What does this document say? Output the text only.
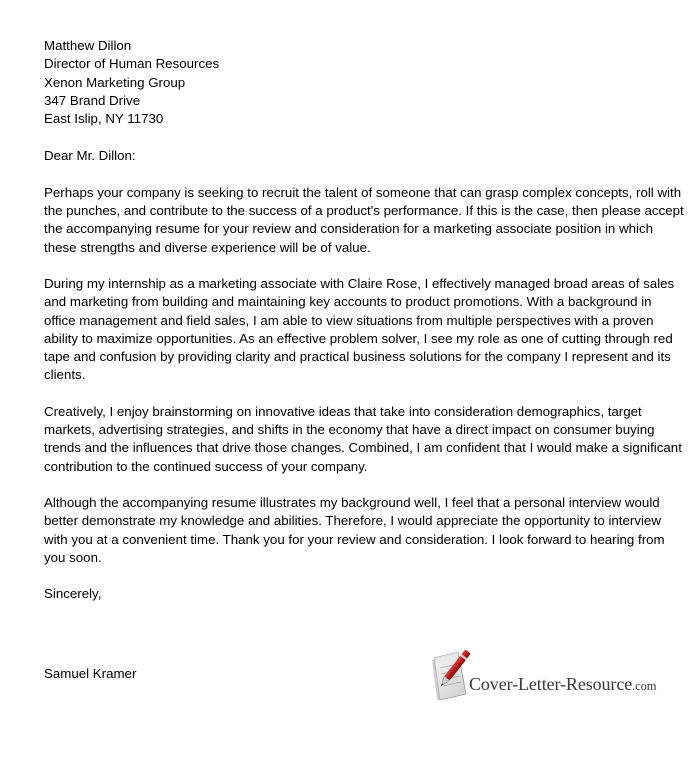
Matthew Dillon
Director of Human Resources
Xenon Marketing Group
347 Brand Drive
East Islip, NY 11730
Dear Mr. Dillon:
Perhaps your company is seeking to recruit the talent of someone that can grasp complex concepts, roll with the punches, and contribute to the success of a product's performance. If this is the case, then please accept the accompanying resume for your review and consideration for a marketing associate position in which these strengths and diverse experience will be of value.
During my internship as a marketing associate with Claire Rose, I effectively managed broad areas of sales and marketing from building and maintaining key accounts to product promotions. With a background in office management and field sales, I am able to view situations from multiple perspectives with a proven ability to maximize opportunities. As an effective problem solver, I see my role as one of cutting through red tape and confusion by providing clarity and practical business solutions for the company I represent and its clients.
Creatively, I enjoy brainstorming on innovative ideas that take into consideration demographics, target markets, advertising strategies, and shifts in the economy that have a direct impact on consumer buying trends and the influences that drive those changes. Combined, I am confident that I would make a significant contribution to the continued success of your company.
Although the accompanying resume illustrates my background well, I feel that a personal interview would better demonstrate my knowledge and abilities. Therefore, I would appreciate the opportunity to interview with you at a convenient time. Thank you for your review and consideration. I look forward to hearing from you soon.
Sincerely,
Samuel Kramer
Cover-Letter-Resource.com
